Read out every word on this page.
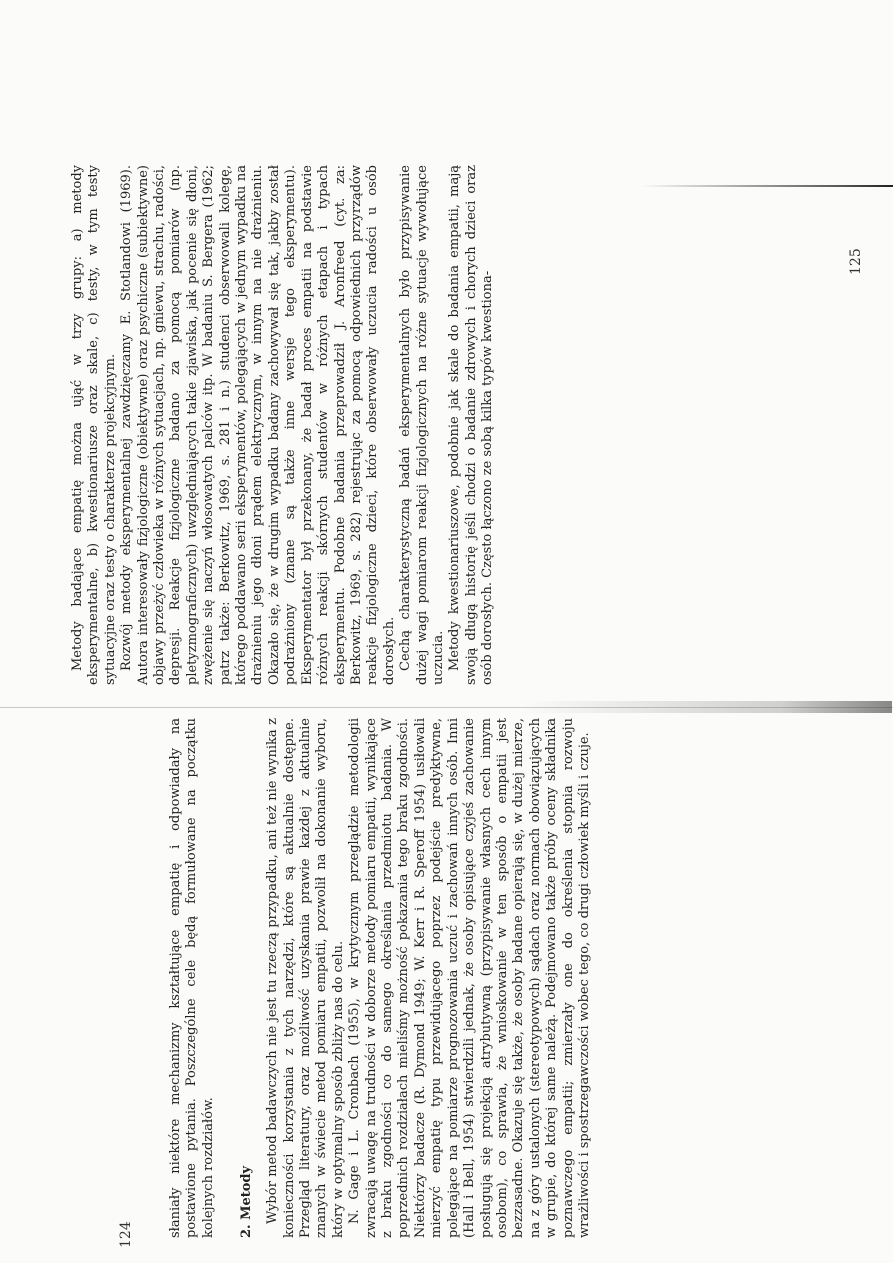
słaniały niektóre mechanizmy kształtujące empatię i odpowiadały na postawione pytania. Poszczególne cele będą formułowane na początku kolejnych rozdziałów. 2. Metody Wybór metod badawczych nie jest tu rzeczą przypadku, ani też nie wynika z konieczności korzystania z tych narzędzi, które są aktualnie dostępne. Przegląd literatury, oraz możliwość uzyskania prawie każdej z aktualnie znanych w świecie metod pomiaru empatii, pozwolił na dokonanie wyboru, który w optymalny sposób zbliży nas do celu. N. Gage i L. Cronbach (1955), w krytycznym przeglądzie metodologii zwracają uwagę na trudności w doborze metody pomiaru empatii, wynikające z braku zgodności co do samego określania przedmiotu badania. W poprzednich rozdziałach mieliśmy możność pokazania tego braku zgodności. Niektórzy badacze (R. Dymond 1949; W. Kerr i R. Speroff 1954) usiłowali mierzyć empatię typu przewidującego poprzez podejście predyktywne, polegające na pomiarze prognozowania uczuć i zachowań innych osób. Inni (Hall i Bell, 1954) stwierdzili jednak, że osoby opisujące czyjeś zachowanie posługują się projekcją atrybutywną (przypisywanie własnych cech innym osobom), co sprawia, że wnioskowanie w ten sposób o empatii jest bezzasadne. Okazuje się także, że osoby badane opierają się, w dużej mierze, na z góry ustalonych (stereotypowych) sądach oraz normach obowiązujących w grupie, do której same należą. Podejmowano także próby oceny składnika poznawczego empatii; zmierzały one do określenia stopnia rozwoju wrażliwości i spostrzegawczości wobec tego, co drugi człowiek myśli i czuje.

124

Metody badające empatię można ująć w trzy grupy: a) metody eksperymentalne, b) kwestionariusze oraz skale, c) testy, w tym testy sytuacyjne oraz testy o charakterze projekcyjnym. Rozwój metody eksperymentalnej zawdzięczamy E. Stotlandowi (1969). Autora interesowały fizjologiczne (obiektywne) oraz psychiczne (subiektywne) objawy przeżyć człowieka w różnych sytuacjach, np. gniewu, strachu, radości, depresji. Reakcje fizjologiczne badano za pomocą pomiarów (np. pletyzmograficznych) uwzględniających takie zjawiska, jak pocenie się dłoni, zwężenie się naczyń włosowatych palców itp. W badaniu S. Bergera (1962; patrz także: Berkowitz, 1969, s. 281 i n.) studenci obserwowali kolegę, którego poddawano serii eksperymentów, polegających w jednym wypadku na drażnieniu jego dłoni prądem elektrycznym, w innym na nie drażnieniu. Okazało się, że w drugim wypadku badany zachowywał się tak, jakby został podrażniony (znane są także inne wersje tego eksperymentu). Eksperymentator był przekonany, że badał proces empatii na podstawie różnych reakcji skórnych studentów w różnych etapach i typach eksperymentu. Podobne badania przeprowadził J. Aronfreed (cyt. za: Berkowitz, 1969, s. 282) rejestrując za pomocą odpowiednich przyrządów reakcje fizjologiczne dzieci, które obserwowały uczucia radości u osób dorosłych. Cechą charakterystyczną badań eksperymentalnych było przypisywanie dużej wagi pomiarom reakcji fizjologicznych na różne sytuacje wywołujące uczucia. Metody kwestionariuszowe, podobnie jak skale do badania empatii, mają swoją długą historię jeśli chodzi o badanie zdrowych i chorych dzieci oraz osób dorosłych. Często łączono ze sobą kilka typów kwestiona-

125
